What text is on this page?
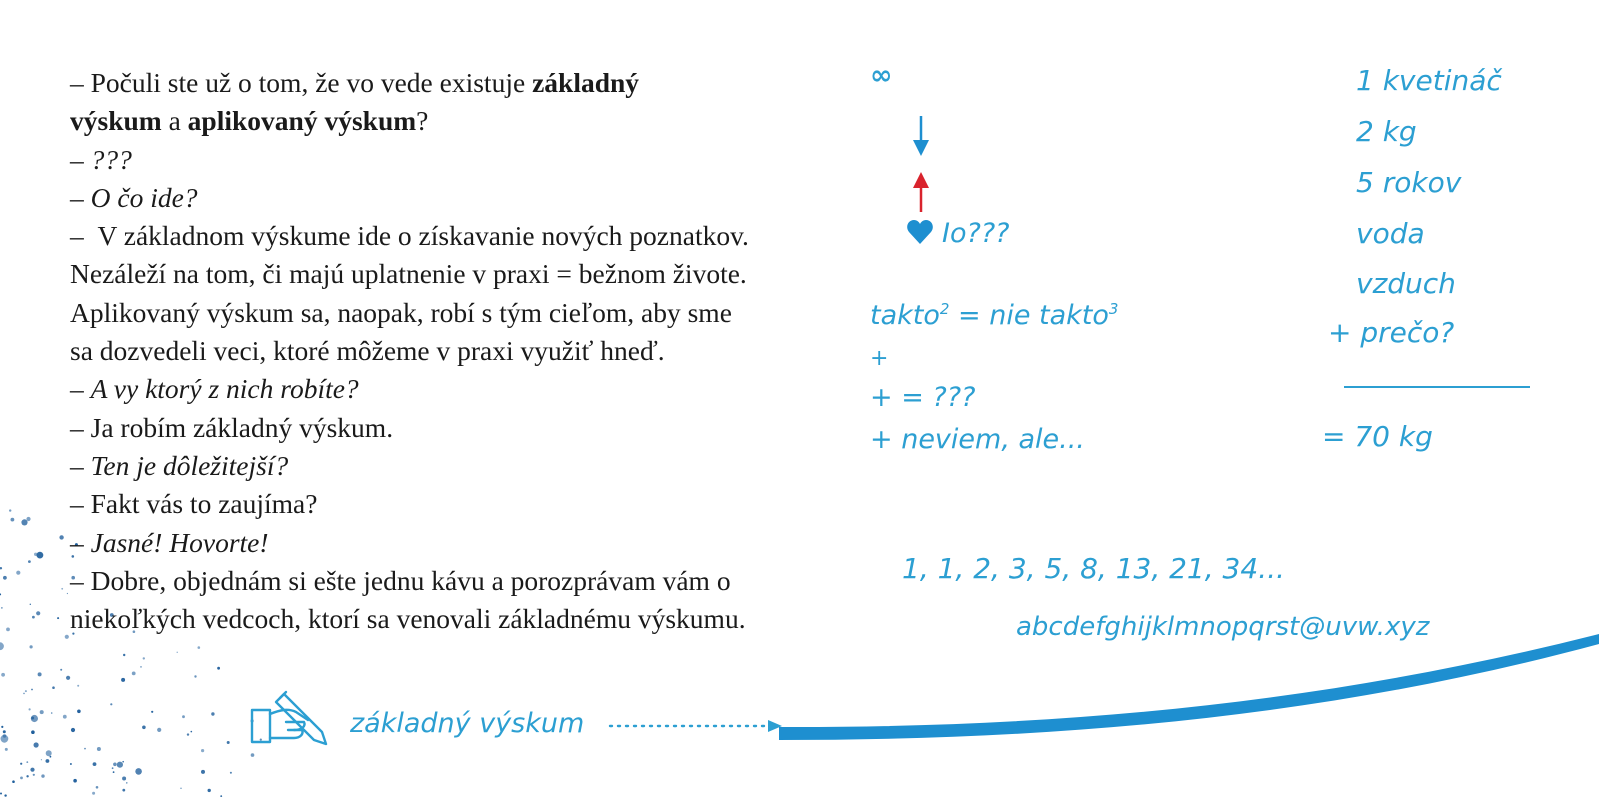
– Počuli ste už o tom, že vo vede existuje základný
výskum a aplikovaný výskum?

– ???

– O čo ide?

–  V základnom výskume ide o získavanie nových poznatkov. Nezáleží na tom, či majú uplatnenie v praxi = bežnom živote. Aplikovaný výskum sa, naopak, robí s tým cieľom, aby sme sa dozvedeli veci, ktoré môžeme v praxi využiť hneď.

– A vy ktorý z nich robíte?

– Ja robím základný výskum.

– Ten je dôležitejší?

– Fakt vás to zaujíma?

– Jasné! Hovorte!

– Dobre, objednám si ešte jednu kávu a porozprávam vám o niekoľkých vedcoch, ktorí sa venovali základnému výskumu.

∞
Io???
takto$^2$ = nie takto$^3$
+
+ = ???
+ neviem, ale...
1 kvetináč
2 kg
5 rokov
voda
vzduch
+ prečo?
= 70 kg
1, 1, 2, 3, 5, 8, 13, 21, 34...
abcdefghijklmnopqrst@uvw.xyz
základný výskum
